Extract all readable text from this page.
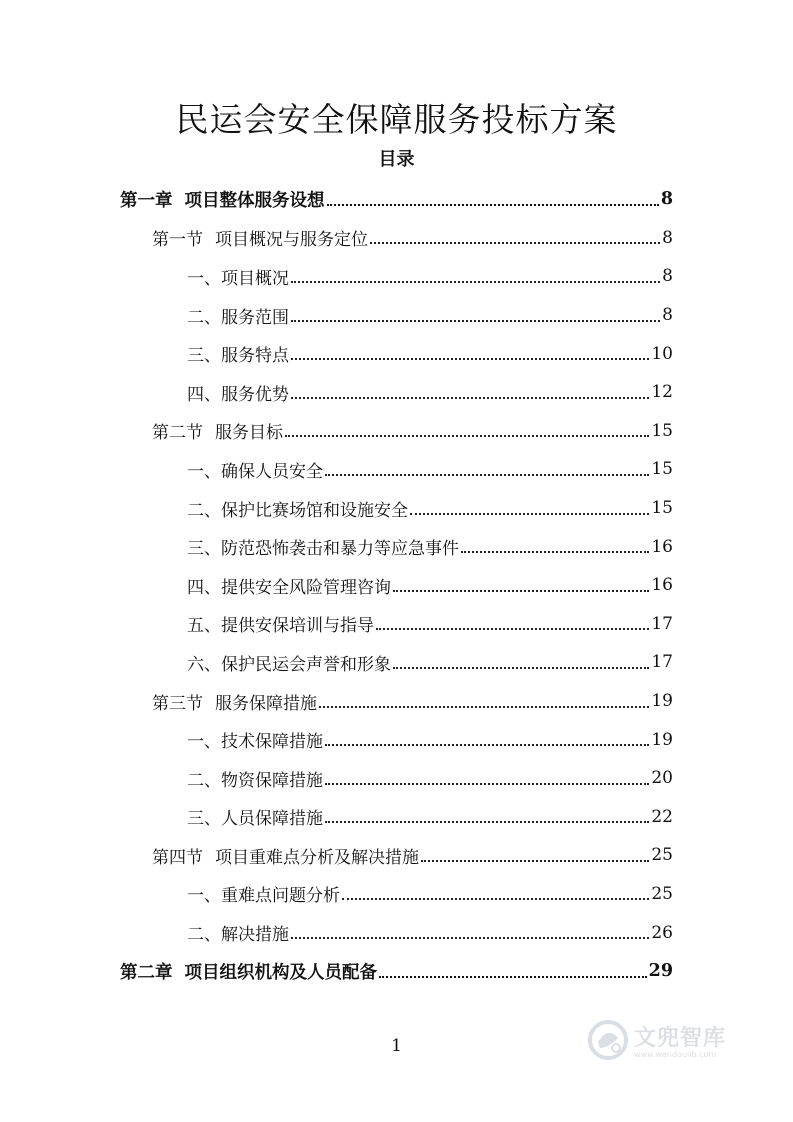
民运会安全保障服务投标方案
目录
第一章 项目整体服务设想	8
第一节 项目概况与服务定位	8
一、项目概况	8
二、服务范围	8
三、服务特点	10
四、服务优势	12
第二节 服务目标	15
一、确保人员安全	15
二、保护比赛场馆和设施安全	15
三、防范恐怖袭击和暴力等应急事件	16
四、提供安全风险管理咨询	16
五、提供安保培训与指导	17
六、保护民运会声誉和形象	17
第三节 服务保障措施	19
一、技术保障措施	19
二、物资保障措施	20
三、人员保障措施	22
第四节 项目重难点分析及解决措施	25
一、重难点问题分析	25
二、解决措施	26
第二章 项目组织机构及人员配备	29
1	文兜智库
www.wendoulib.com
